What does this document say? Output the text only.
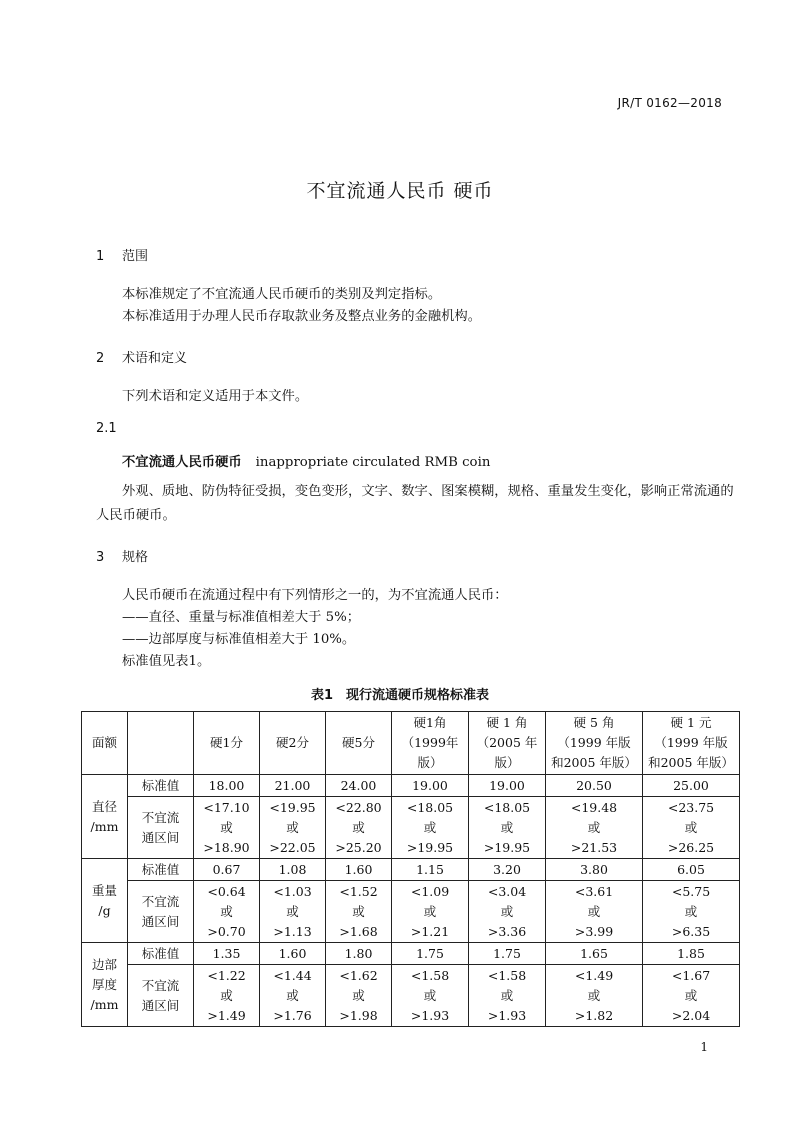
JR/T 0162—2018
不宜流通人民币 硬币
1 范围
本标准规定了不宜流通人民币硬币的类别及判定指标。
本标准适用于办理人民币存取款业务及整点业务的金融机构。
2 术语和定义
下列术语和定义适用于本文件。
2.1
不宜流通人民币硬币 inappropriate circulated RMB coin
外观、质地、防伪特征受损，变色变形，文字、数字、图案模糊，规格、重量发生变化，影响正常流通的人民币硬币。
3 规格
人民币硬币在流通过程中有下列情形之一的，为不宜流通人民币：
——直径、重量与标准值相差大于 5%；
——边部厚度与标准值相差大于 10%。
标准值见表1。
表1　现行流通硬币规格标准表
面额		硬1分	硬2分	硬5分	硬1角
（1999年
版）	硬 1 角
（2005 年
版）	硬 5 角
（1999 年版
和2005 年版）	硬 1 元
（1999 年版
和2005 年版）
直径
/mm	标准值	18.00	21.00	24.00	19.00	19.00	20.50	25.00
	不宜流
通区间	<17.10
或
>18.90	<19.95
或
>22.05	<22.80
或
>25.20	<18.05
或
>19.95	<18.05
或
>19.95	<19.48
或
>21.53	<23.75
或
>26.25
重量
/g	标准值	0.67	1.08	1.60	1.15	3.20	3.80	6.05
	不宜流
通区间	<0.64
或
>0.70	<1.03
或
>1.13	<1.52
或
>1.68	<1.09
或
>1.21	<3.04
或
>3.36	<3.61
或
>3.99	<5.75
或
>6.35
边部
厚度
/mm	标准值	1.35	1.60	1.80	1.75	1.75	1.65	1.85
	不宜流
通区间	<1.22
或
>1.49	<1.44
或
>1.76	<1.62
或
>1.98	<1.58
或
>1.93	<1.58
或
>1.93	<1.49
或
>1.82	<1.67
或
>2.04
1
